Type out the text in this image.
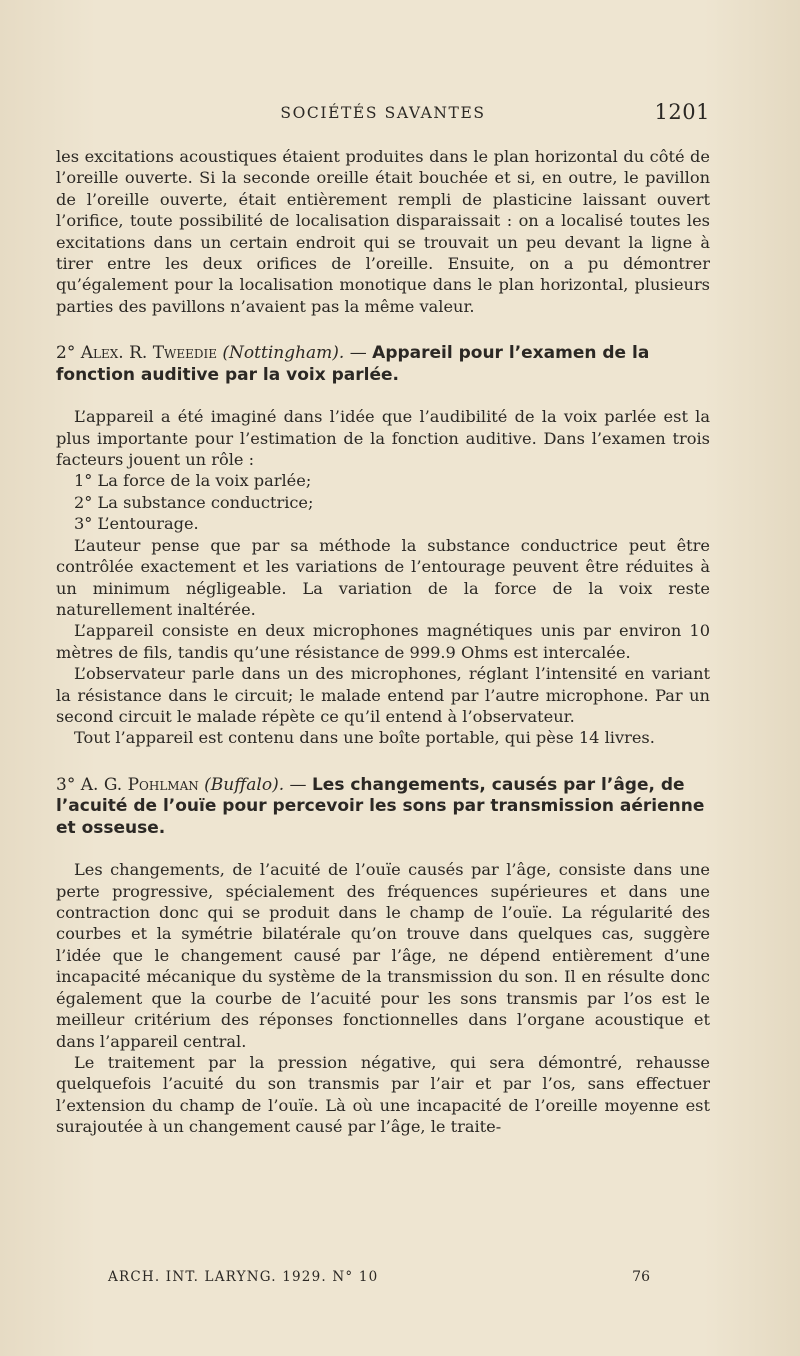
SOCIÉTÉS SAVANTES	1201

les excitations acoustiques étaient produites dans le plan horizontal du côté de l’oreille ouverte. Si la seconde oreille était bouchée et si, en outre, le pavillon de l’oreille ouverte, était entièrement rempli de plasticine laissant ouvert l’orifice, toute possibilité de localisation disparaissait : on a localisé toutes les excitations dans un certain endroit qui se trouvait un peu devant la ligne à tirer entre les deux orifices de l’oreille. Ensuite, on a pu démontrer qu’également pour la localisation monotique dans le plan horizontal, plusieurs parties des pavillons n’avaient pas la même valeur.

2° Alex. R. Tweedie (Nottingham). — Appareil pour l’examen de la fonction auditive par la voix parlée.

L’appareil a été imaginé dans l’idée que l’audibilité de la voix parlée est la plus importante pour l’estimation de la fonction auditive. Dans l’examen trois facteurs jouent un rôle :

1° La force de la voix parlée;
2° La substance conductrice;
3° L’entourage.

L’auteur pense que par sa méthode la substance conductrice peut être contrôlée exactement et les variations de l’entourage peuvent être réduites à un minimum négligeable. La variation de la force de la voix reste naturellement inaltérée.

L’appareil consiste en deux microphones magnétiques unis par environ 10 mètres de fils, tandis qu’une résistance de 999.9 Ohms est intercalée.

L’observateur parle dans un des microphones, réglant l’intensité en variant la résistance dans le circuit; le malade entend par l’autre microphone. Par un second circuit le malade répète ce qu’il entend à l’observateur.

Tout l’appareil est contenu dans une boîte portable, qui pèse 14 livres.

3° A. G. Pohlman (Buffalo). — Les changements, causés par l’âge, de l’acuité de l’ouïe pour percevoir les sons par transmission aérienne et osseuse.

Les changements, de l’acuité de l’ouïe causés par l’âge, consiste dans une perte progressive, spécialement des fréquences supérieures et dans une contraction donc qui se produit dans le champ de l’ouïe. La régularité des courbes et la symétrie bilatérale qu’on trouve dans quelques cas, suggère l’idée que le changement causé par l’âge, ne dépend entièrement d’une incapacité mécanique du système de la transmission du son. Il en résulte donc également que la courbe de l’acuité pour les sons transmis par l’os est le meilleur critérium des réponses fonctionnelles dans l’organe acoustique et dans l’appareil central.

Le traitement par la pression négative, qui sera démontré, rehausse quelquefois l’acuité du son transmis par l’air et par l’os, sans effectuer l’extension du champ de l’ouïe. Là où une incapacité de l’oreille moyenne est surajoutée à un changement causé par l’âge, le traite-

ARCH. INT. LARYNG. 1929. N° 10	76
